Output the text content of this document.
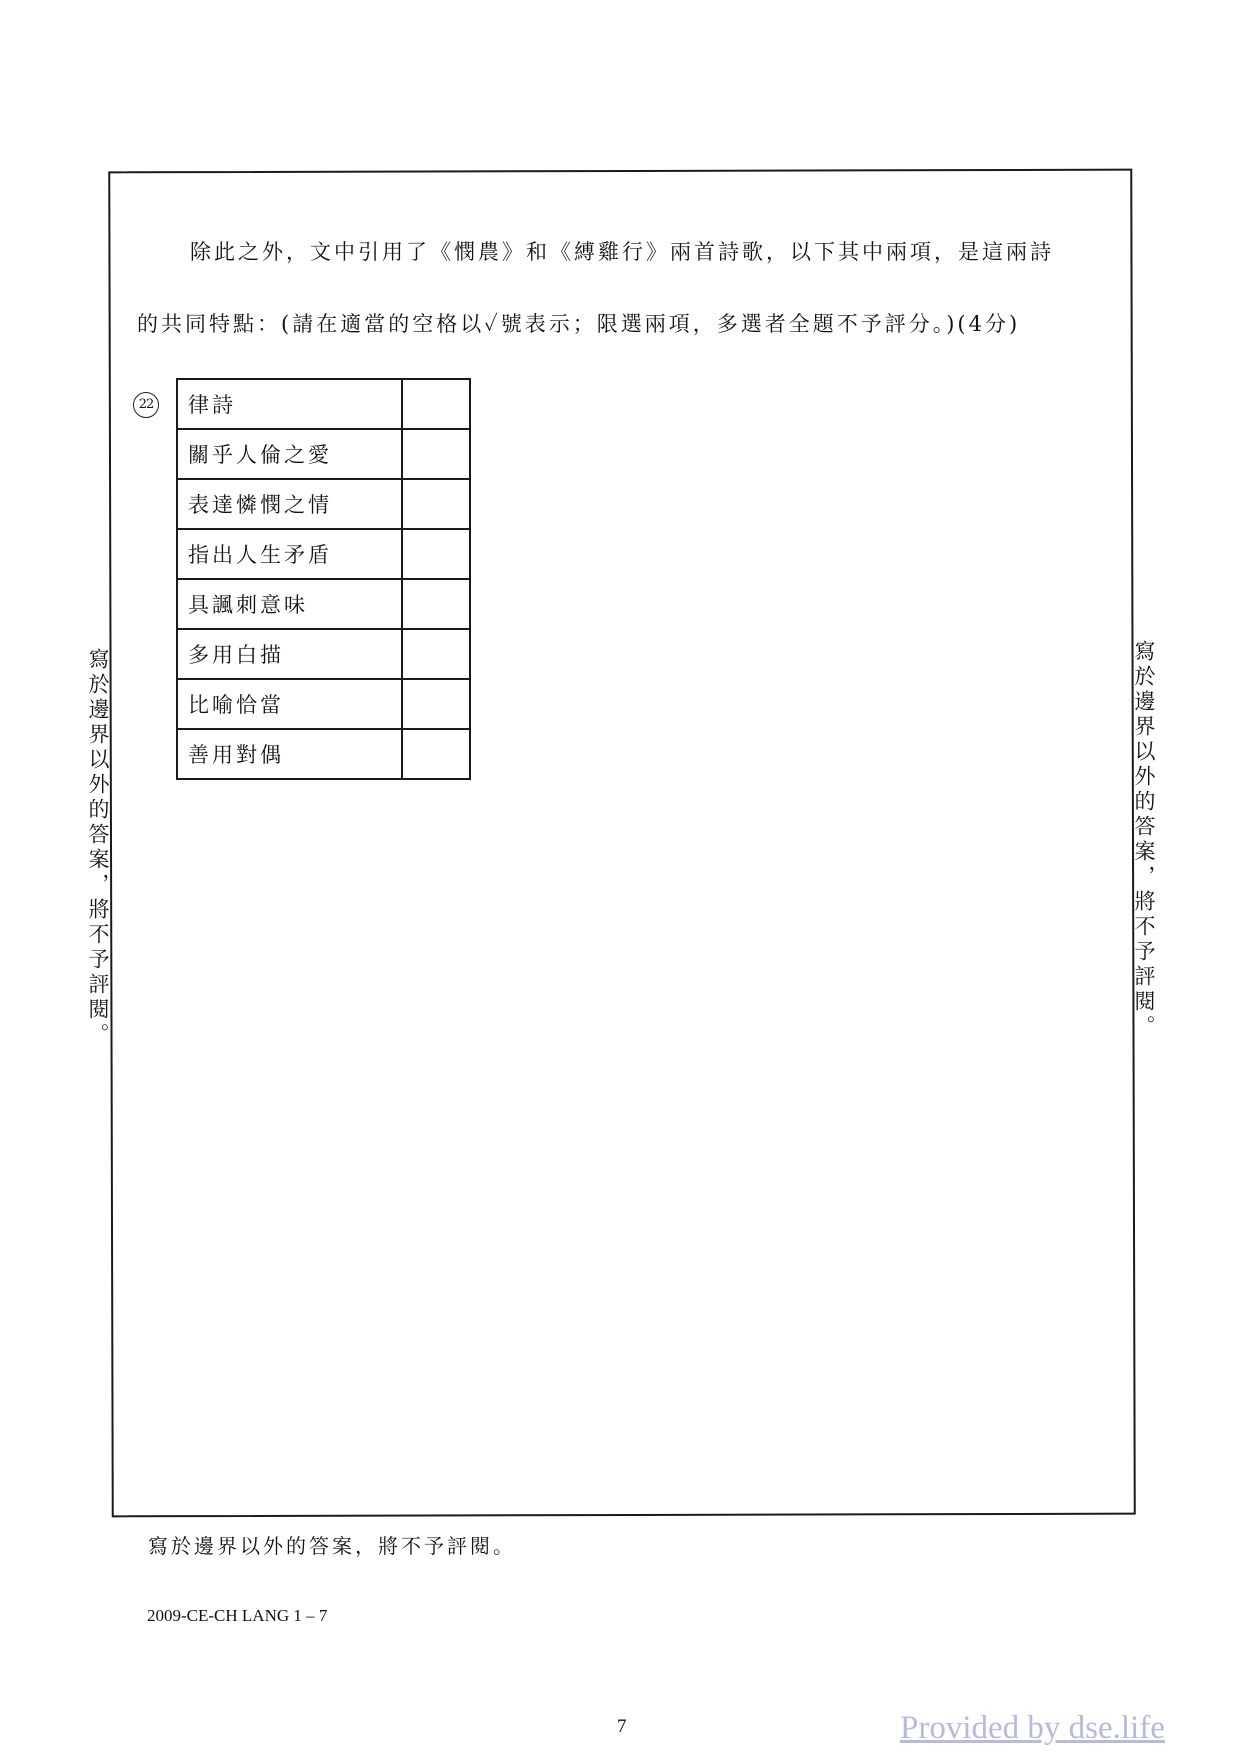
除此之外，文中引用了《憫農》和《縛雞行》兩首詩歌，以下其中兩項，是這兩詩
的共同特點：(請在適當的空格以✓號表示；限選兩項，多選者全題不予評分。)(4分)
22 律詩	
關乎人倫之愛	
表達憐憫之情	
指出人生矛盾	
具諷刺意味	
多用白描	
比喻恰當	
善用對偶	
寫於邊界以外的答案，將不予評閱。	寫於邊界以外的答案，將不予評閱。
寫於邊界以外的答案，將不予評閱。
2009-CE-CH LANG 1 – 7
7	Provided by dse.life
